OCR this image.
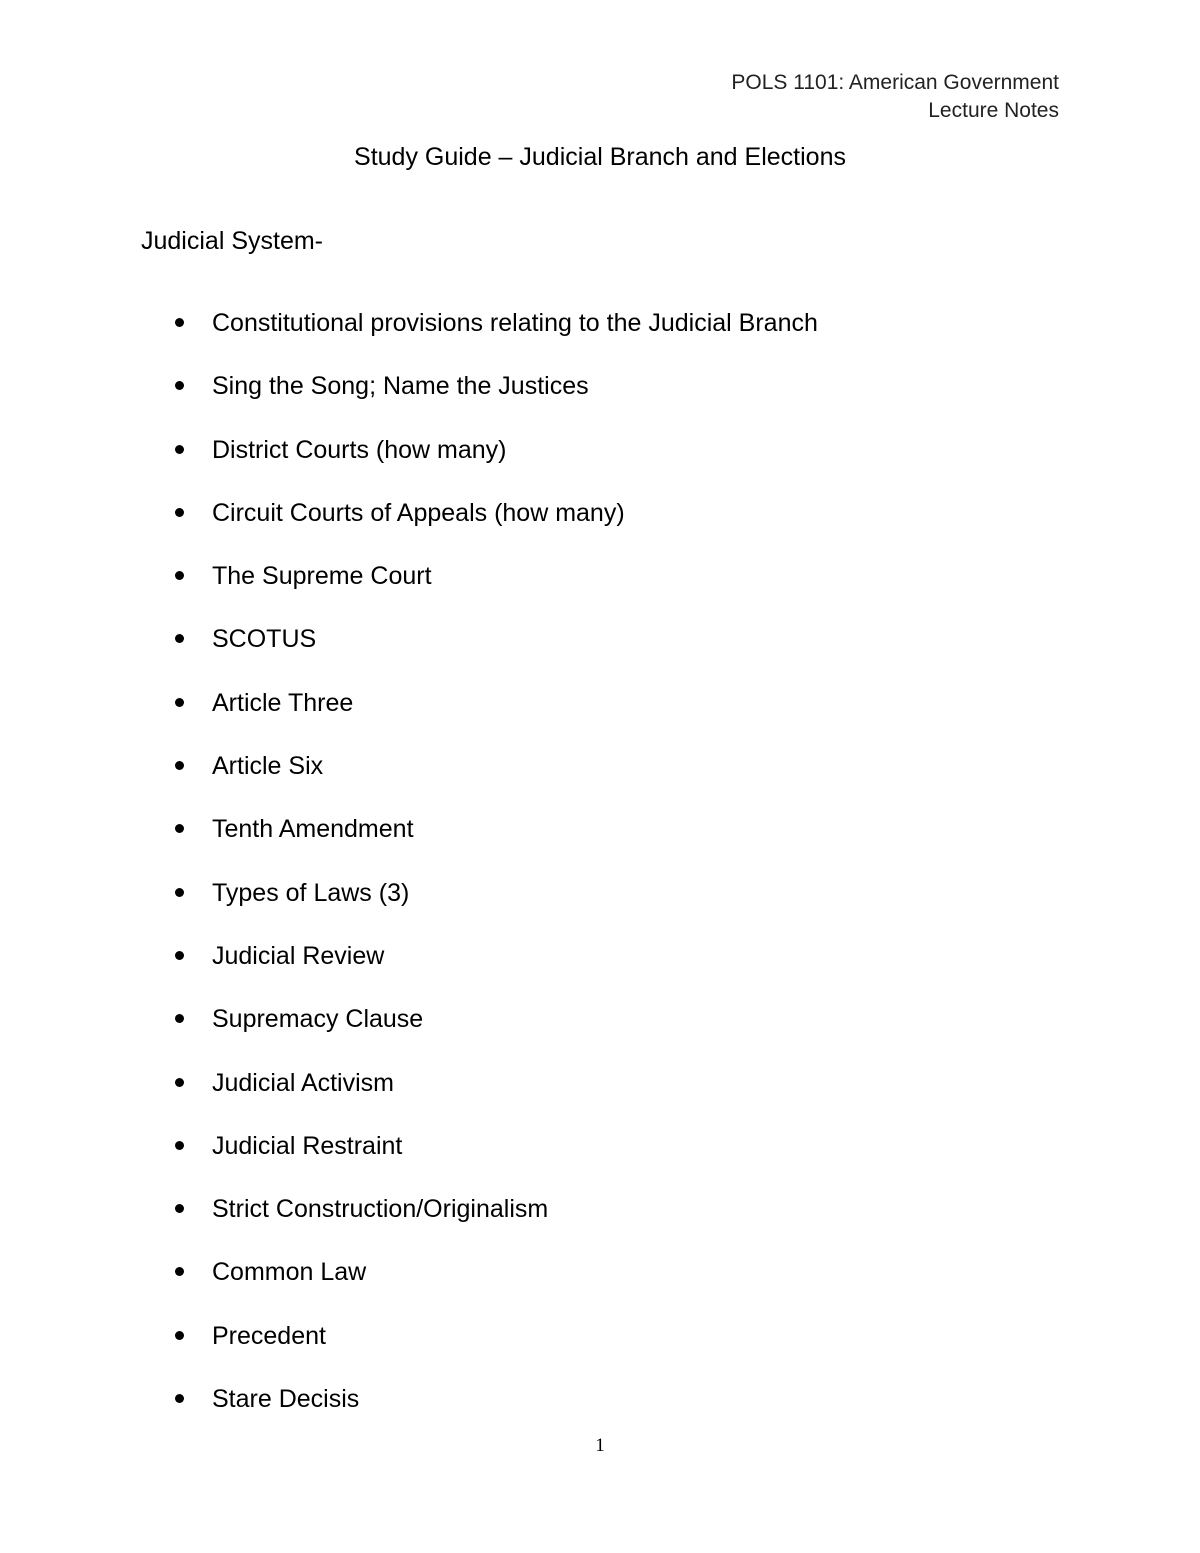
POLS 1101: American Government
Lecture Notes
Study Guide – Judicial Branch and Elections
Judicial System-
Constitutional provisions relating to the Judicial Branch
Sing the Song; Name the Justices
District Courts (how many)
Circuit Courts of Appeals (how many)
The Supreme Court
SCOTUS
Article Three
Article Six
Tenth Amendment
Types of Laws (3)
Judicial Review
Supremacy Clause
Judicial Activism
Judicial Restraint
Strict Construction/Originalism
Common Law
Precedent
Stare Decisis
1
